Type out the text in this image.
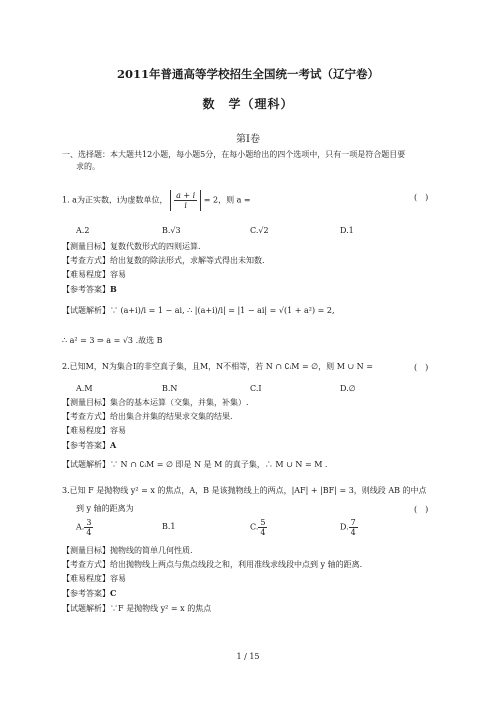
2011年普通高等学校招生全国统一考试（辽宁卷）
数　学（理科）
第Ⅰ卷
一、选择题：本大题共12小题，每小题5分，在每小题给出的四个选项中，只有一项是符合题目要
求的。
1. a为正实数，i为虚数单位， $\frac{a + i}{i} = 2$，则 a =	(　)
A.2	B.√3	C.√2	D.1
【测量目标】复数代数形式的四则运算.
【考查方式】给出复数的除法形式，求解等式得出未知数.
【难易程度】容易
【参考答案】B
【试题解析】∵ (a+i)/i = 1 − ai, ∴ |(a+i)/i| = |1 − ai| = √(1 + a²) = 2,
∴ a² = 3 ⇒ a = √3 .故选 B
2.已知M，N为集合I的非空真子集，且M，N不相等，若 N ∩ ∁ᵢM = ∅，则 M ∪ N =	(　)
A.M	B.N	C.I	D.∅
【测量目标】集合的基本运算（交集，并集，补集）.
【考查方式】给出集合并集的结果求交集的结果.
【难易程度】容易
【参考答案】A
【试题解析】∵ N ∩ ∁ᵢM = ∅ 即是 N 是 M 的真子集，∴ M ∪ N = M .
3.已知 F 是抛物线 y² = x 的焦点，A，B 是该抛物线上的两点，|AF| + |BF| = 3，则线段 AB 的中点
到 y 轴的距离为	(　)
A. $\frac{3}{4}$	B.1	C. $\frac{5}{4}$	D. $\frac{7}{4}$
【测量目标】抛物线的简单几何性质.
【考查方式】给出抛物线上两点与焦点线段之和，利用准线求线段中点到 y 轴的距离.
【难易程度】容易
【参考答案】C
【试题解析】∵F 是抛物线 y² = x 的焦点
1 / 15
